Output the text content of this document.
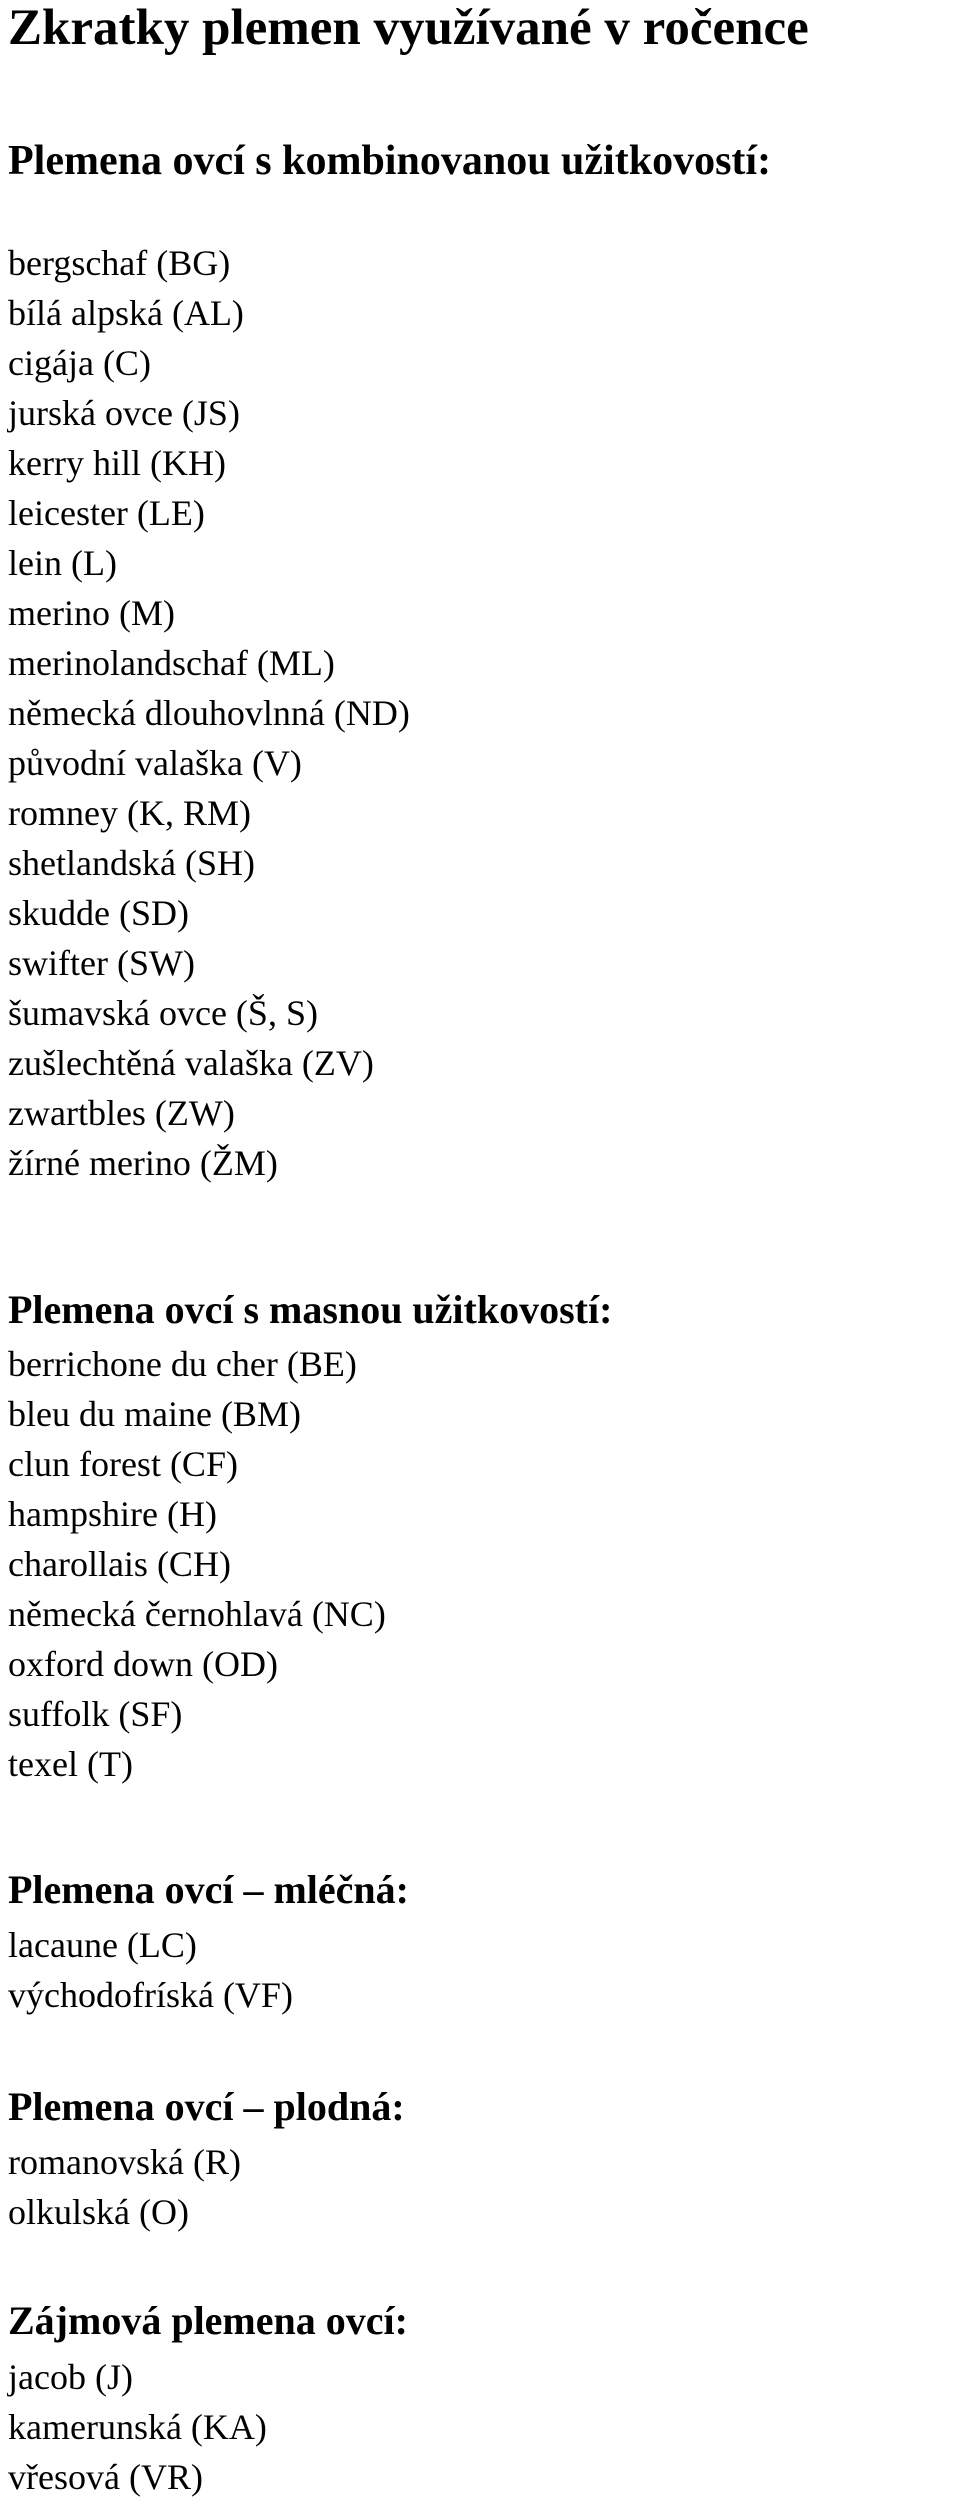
Zkratky plemen využívané v ročence
Plemena ovcí s kombinovanou užitkovostí:
bergschaf (BG)
bílá alpská (AL)
cigája (C)
jurská ovce (JS)
kerry hill (KH)
leicester (LE)
lein (L)
merino (M)
merinolandschaf (ML)
německá dlouhovlnná (ND)
původní valaška (V)
romney (K, RM)
shetlandská (SH)
skudde (SD)
swifter (SW)
šumavská ovce (Š, S)
zušlechtěná valaška (ZV)
zwartbles (ZW)
žírné merino (ŽM)
Plemena ovcí s masnou užitkovostí:
berrichone du cher (BE)
bleu du maine (BM)
clun forest (CF)
hampshire (H)
charollais (CH)
německá černohlavá (NC)
oxford down (OD)
suffolk (SF)
texel (T)
Plemena ovcí – mléčná:
lacaune (LC)
východofríská (VF)
Plemena ovcí – plodná:
romanovská (R)
olkulská (O)
Zájmová plemena ovcí:
jacob (J)
kamerunská (KA)
vřesová (VR)
